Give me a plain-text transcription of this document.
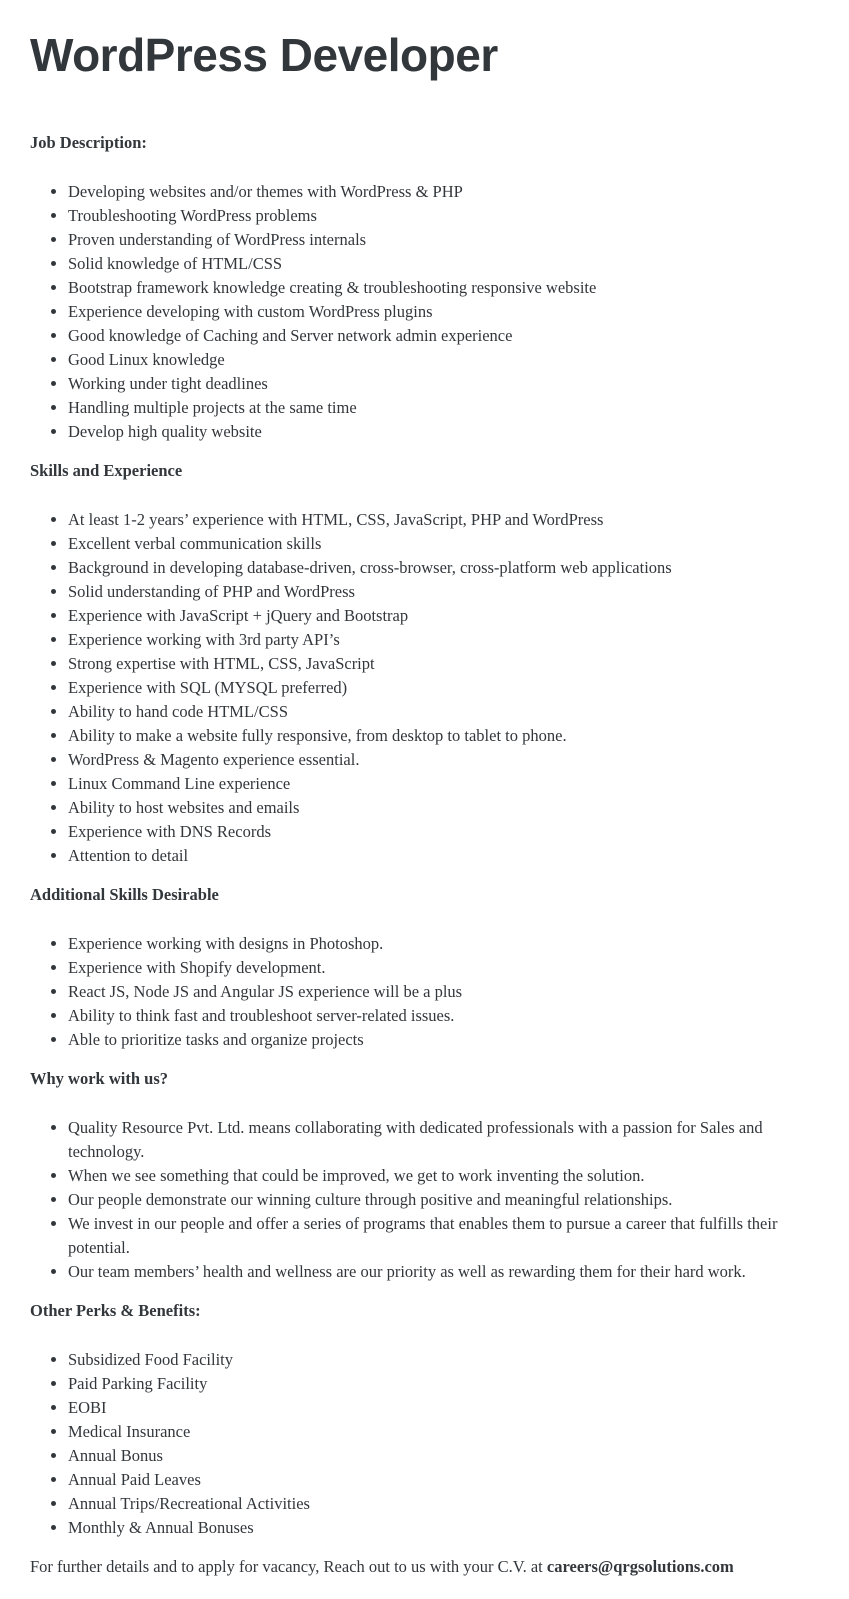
WordPress Developer

Job Description:

• Developing websites and/or themes with WordPress & PHP
• Troubleshooting WordPress problems
• Proven understanding of WordPress internals
• Solid knowledge of HTML/CSS
• Bootstrap framework knowledge creating & troubleshooting responsive website
• Experience developing with custom WordPress plugins
• Good knowledge of Caching and Server network admin experience
• Good Linux knowledge
• Working under tight deadlines
• Handling multiple projects at the same time
• Develop high quality website

Skills and Experience

• At least 1-2 years’ experience with HTML, CSS, JavaScript, PHP and WordPress
• Excellent verbal communication skills
• Background in developing database-driven, cross-browser, cross-platform web applications
• Solid understanding of PHP and WordPress
• Experience with JavaScript + jQuery and Bootstrap
• Experience working with 3rd party API’s
• Strong expertise with HTML, CSS, JavaScript
• Experience with SQL (MYSQL preferred)
• Ability to hand code HTML/CSS
• Ability to make a website fully responsive, from desktop to tablet to phone.
• WordPress & Magento experience essential.
• Linux Command Line experience
• Ability to host websites and emails
• Experience with DNS Records
• Attention to detail

Additional Skills Desirable

• Experience working with designs in Photoshop.
• Experience with Shopify development.
• React JS, Node JS and Angular JS experience will be a plus
• Ability to think fast and troubleshoot server-related issues.
• Able to prioritize tasks and organize projects

Why work with us?

• Quality Resource Pvt. Ltd. means collaborating with dedicated professionals with a passion for Sales and technology.
• When we see something that could be improved, we get to work inventing the solution.
• Our people demonstrate our winning culture through positive and meaningful relationships.
• We invest in our people and offer a series of programs that enables them to pursue a career that fulfills their potential.
• Our team members’ health and wellness are our priority as well as rewarding them for their hard work.

Other Perks & Benefits:

• Subsidized Food Facility
• Paid Parking Facility
• EOBI
• Medical Insurance
• Annual Bonus
• Annual Paid Leaves
• Annual Trips/Recreational Activities
• Monthly & Annual Bonuses

For further details and to apply for vacancy, Reach out to us with your C.V. at careers@qrgsolutions.com
